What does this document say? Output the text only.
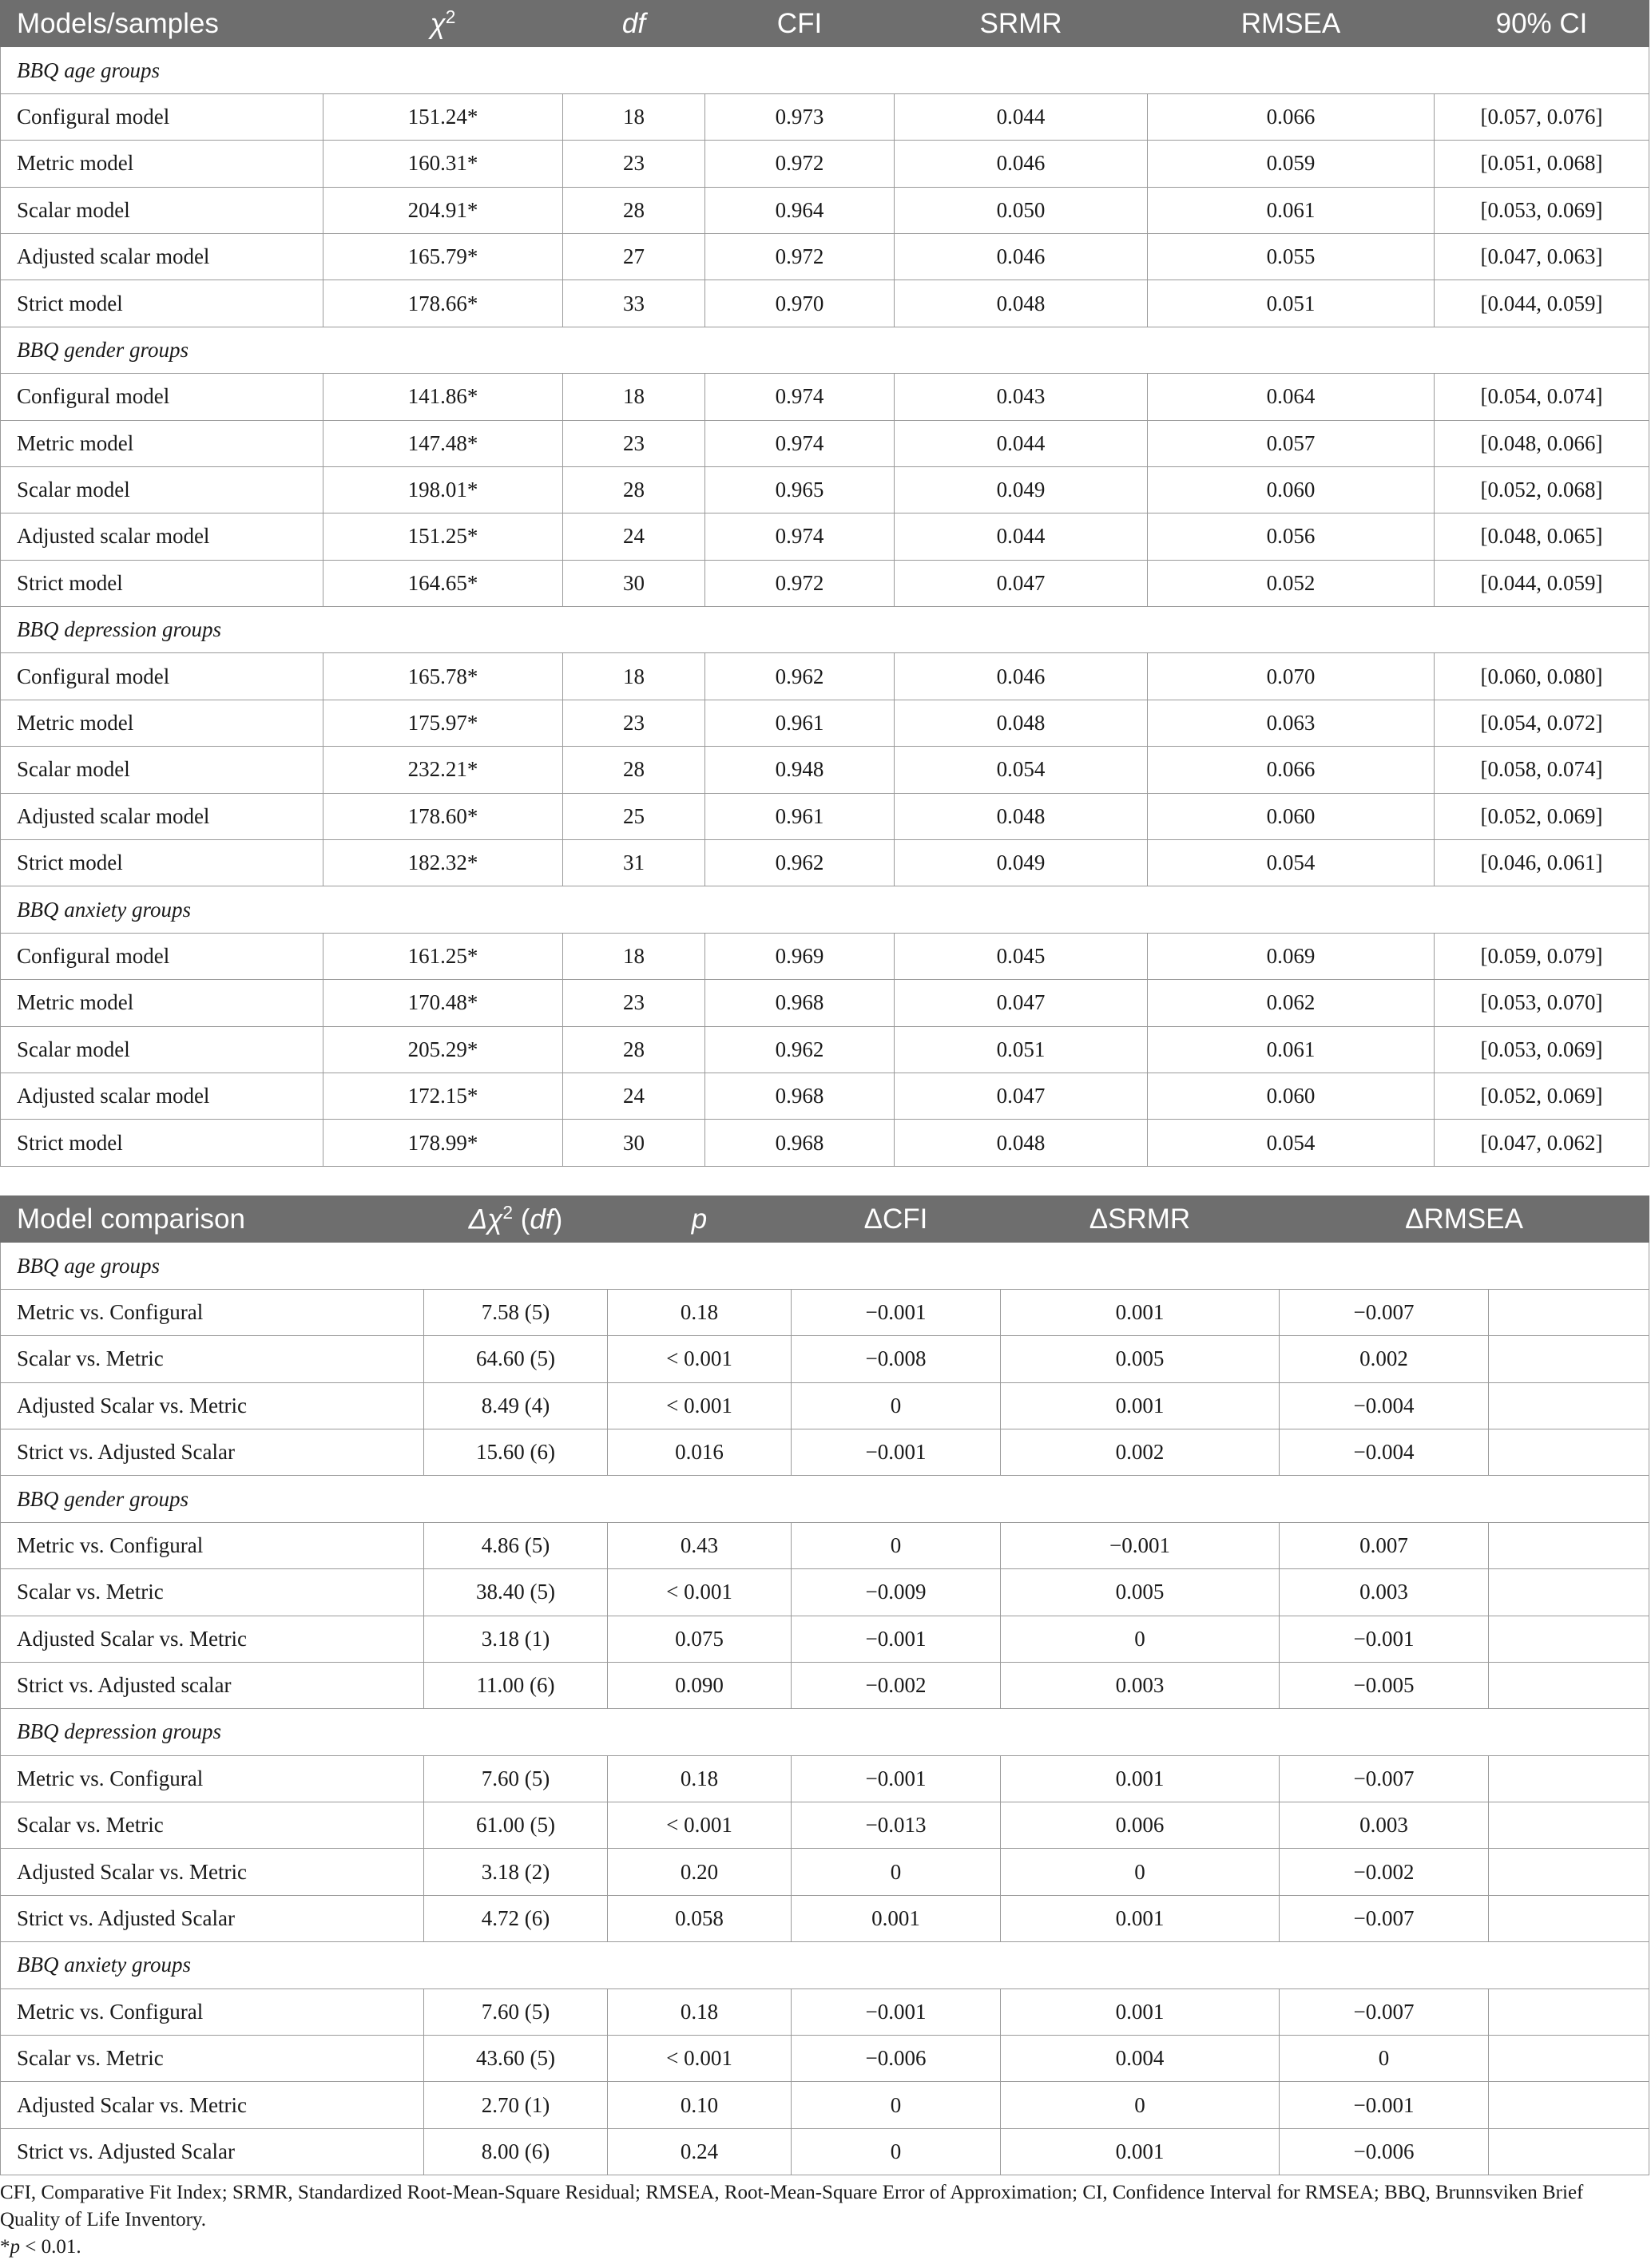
Models/samples	$\chi^2$	df	CFI	SRMR	RMSEA	90% CI
BBQ age groups						
Configural model	151.24*	18	0.973	0.044	0.066	[0.057, 0.076]
Metric model	160.31*	23	0.972	0.046	0.059	[0.051, 0.068]
Scalar model	204.91*	28	0.964	0.050	0.061	[0.053, 0.069]
Adjusted scalar model	165.79*	27	0.972	0.046	0.055	[0.047, 0.063]
Strict model	178.66*	33	0.970	0.048	0.051	[0.044, 0.059]
BBQ gender groups						
Configural model	141.86*	18	0.974	0.043	0.064	[0.054, 0.074]
Metric model	147.48*	23	0.974	0.044	0.057	[0.048, 0.066]
Scalar model	198.01*	28	0.965	0.049	0.060	[0.052, 0.068]
Adjusted scalar model	151.25*	24	0.974	0.044	0.056	[0.048, 0.065]
Strict model	164.65*	30	0.972	0.047	0.052	[0.044, 0.059]
BBQ depression groups						
Configural model	165.78*	18	0.962	0.046	0.070	[0.060, 0.080]
Metric model	175.97*	23	0.961	0.048	0.063	[0.054, 0.072]
Scalar model	232.21*	28	0.948	0.054	0.066	[0.058, 0.074]
Adjusted scalar model	178.60*	25	0.961	0.048	0.060	[0.052, 0.069]
Strict model	182.32*	31	0.962	0.049	0.054	[0.046, 0.061]
BBQ anxiety groups						
Configural model	161.25*	18	0.969	0.045	0.069	[0.059, 0.079]
Metric model	170.48*	23	0.968	0.047	0.062	[0.053, 0.070]
Scalar model	205.29*	28	0.962	0.051	0.061	[0.053, 0.069]
Adjusted scalar model	172.15*	24	0.968	0.047	0.060	[0.052, 0.069]
Strict model	178.99*	30	0.968	0.048	0.054	[0.047, 0.062]
Model comparison	$\Delta\chi^2$ (df)	p	ΔCFI	ΔSRMR	ΔRMSEA	
BBQ age groups						
Metric vs. Configural	7.58 (5)	0.18	−0.001	0.001	−0.007	
Scalar vs. Metric	64.60 (5)	< 0.001	−0.008	0.005	0.002	
Adjusted Scalar vs. Metric	8.49 (4)	< 0.001	0	0.001	−0.004	
Strict vs. Adjusted Scalar	15.60 (6)	0.016	−0.001	0.002	−0.004	
BBQ gender groups						
Metric vs. Configural	4.86 (5)	0.43	0	−0.001	0.007	
Scalar vs. Metric	38.40 (5)	< 0.001	−0.009	0.005	0.003	
Adjusted Scalar vs. Metric	3.18 (1)	0.075	−0.001	0	−0.001	
Strict vs. Adjusted scalar	11.00 (6)	0.090	−0.002	0.003	−0.005	
BBQ depression groups						
Metric vs. Configural	7.60 (5)	0.18	−0.001	0.001	−0.007	
Scalar vs. Metric	61.00 (5)	< 0.001	−0.013	0.006	0.003	
Adjusted Scalar vs. Metric	3.18 (2)	0.20	0	0	−0.002	
Strict vs. Adjusted Scalar	4.72 (6)	0.058	0.001	0.001	−0.007	
BBQ anxiety groups						
Metric vs. Configural	7.60 (5)	0.18	−0.001	0.001	−0.007	
Scalar vs. Metric	43.60 (5)	< 0.001	−0.006	0.004	0	
Adjusted Scalar vs. Metric	2.70 (1)	0.10	0	0	−0.001	
Strict vs. Adjusted Scalar	8.00 (6)	0.24	0	0.001	−0.006	

CFI, Comparative Fit Index; SRMR, Standardized Root-Mean-Square Residual; RMSEA, Root-Mean-Square Error of Approximation; CI, Confidence Interval for RMSEA; BBQ, Brunnsviken Brief Quality of Life Inventory.

*p < 0.01.
